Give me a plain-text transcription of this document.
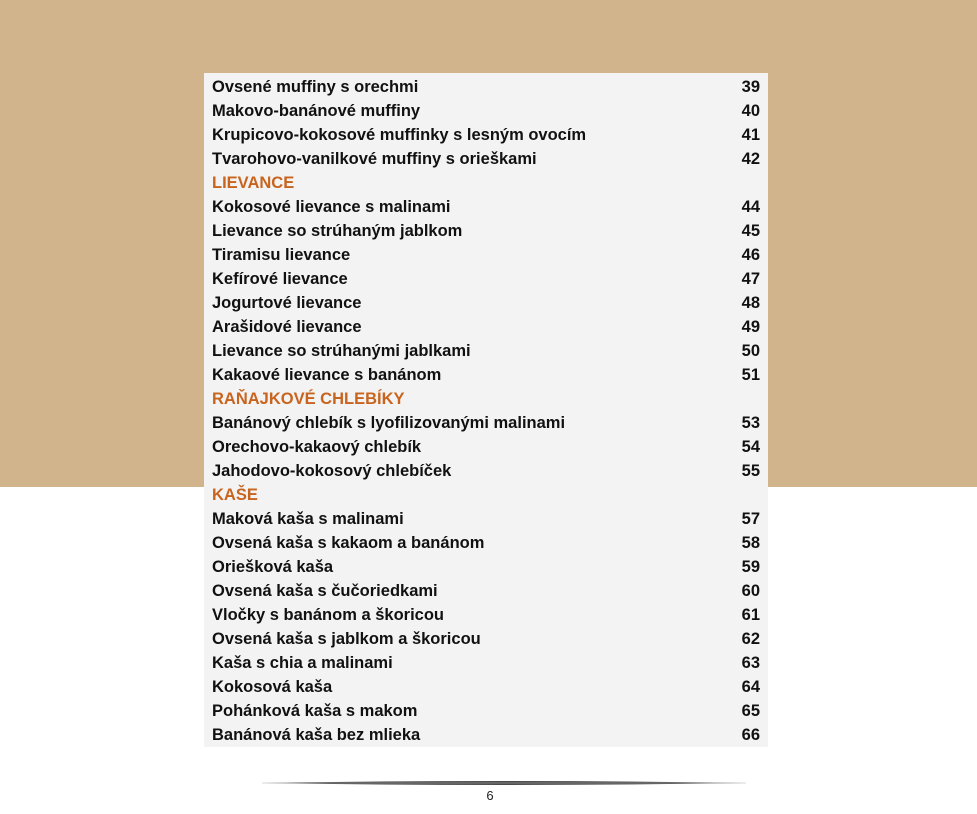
Ovsené muffiny s orechmi	39
Makovo-banánové muffiny	40
Krupicovo-kokosové muffinky s lesným ovocím	41
Tvarohovo-vanilkové muffiny s orieškami	42
LIEVANCE
Kokosové lievance s malinami	44
Lievance so strúhaným jablkom	45
Tiramisu lievance	46
Kefírové lievance	47
Jogurtové lievance	48
Arašidové lievance	49
Lievance so strúhanými jablkami	50
Kakaové lievance s banánom	51
RAŇAJKOVÉ CHLEBÍKY
Banánový chlebík s lyofilizovanými malinami	53
Orechovo-kakaový chlebík	54
Jahodovo-kokosový chlebíček	55
KAŠE
Maková kaša s malinami	57
Ovsená kaša s kakaom a banánom	58
Oriešková kaša	59
Ovsená kaša s čučoriedkami	60
Vločky s banánom a škoricou	61
Ovsená kaša s jablkom a škoricou	62
Kaša s chia a malinami	63
Kokosová kaša	64
Pohánková kaša s makom	65
Banánová kaša bez mlieka	66
6
